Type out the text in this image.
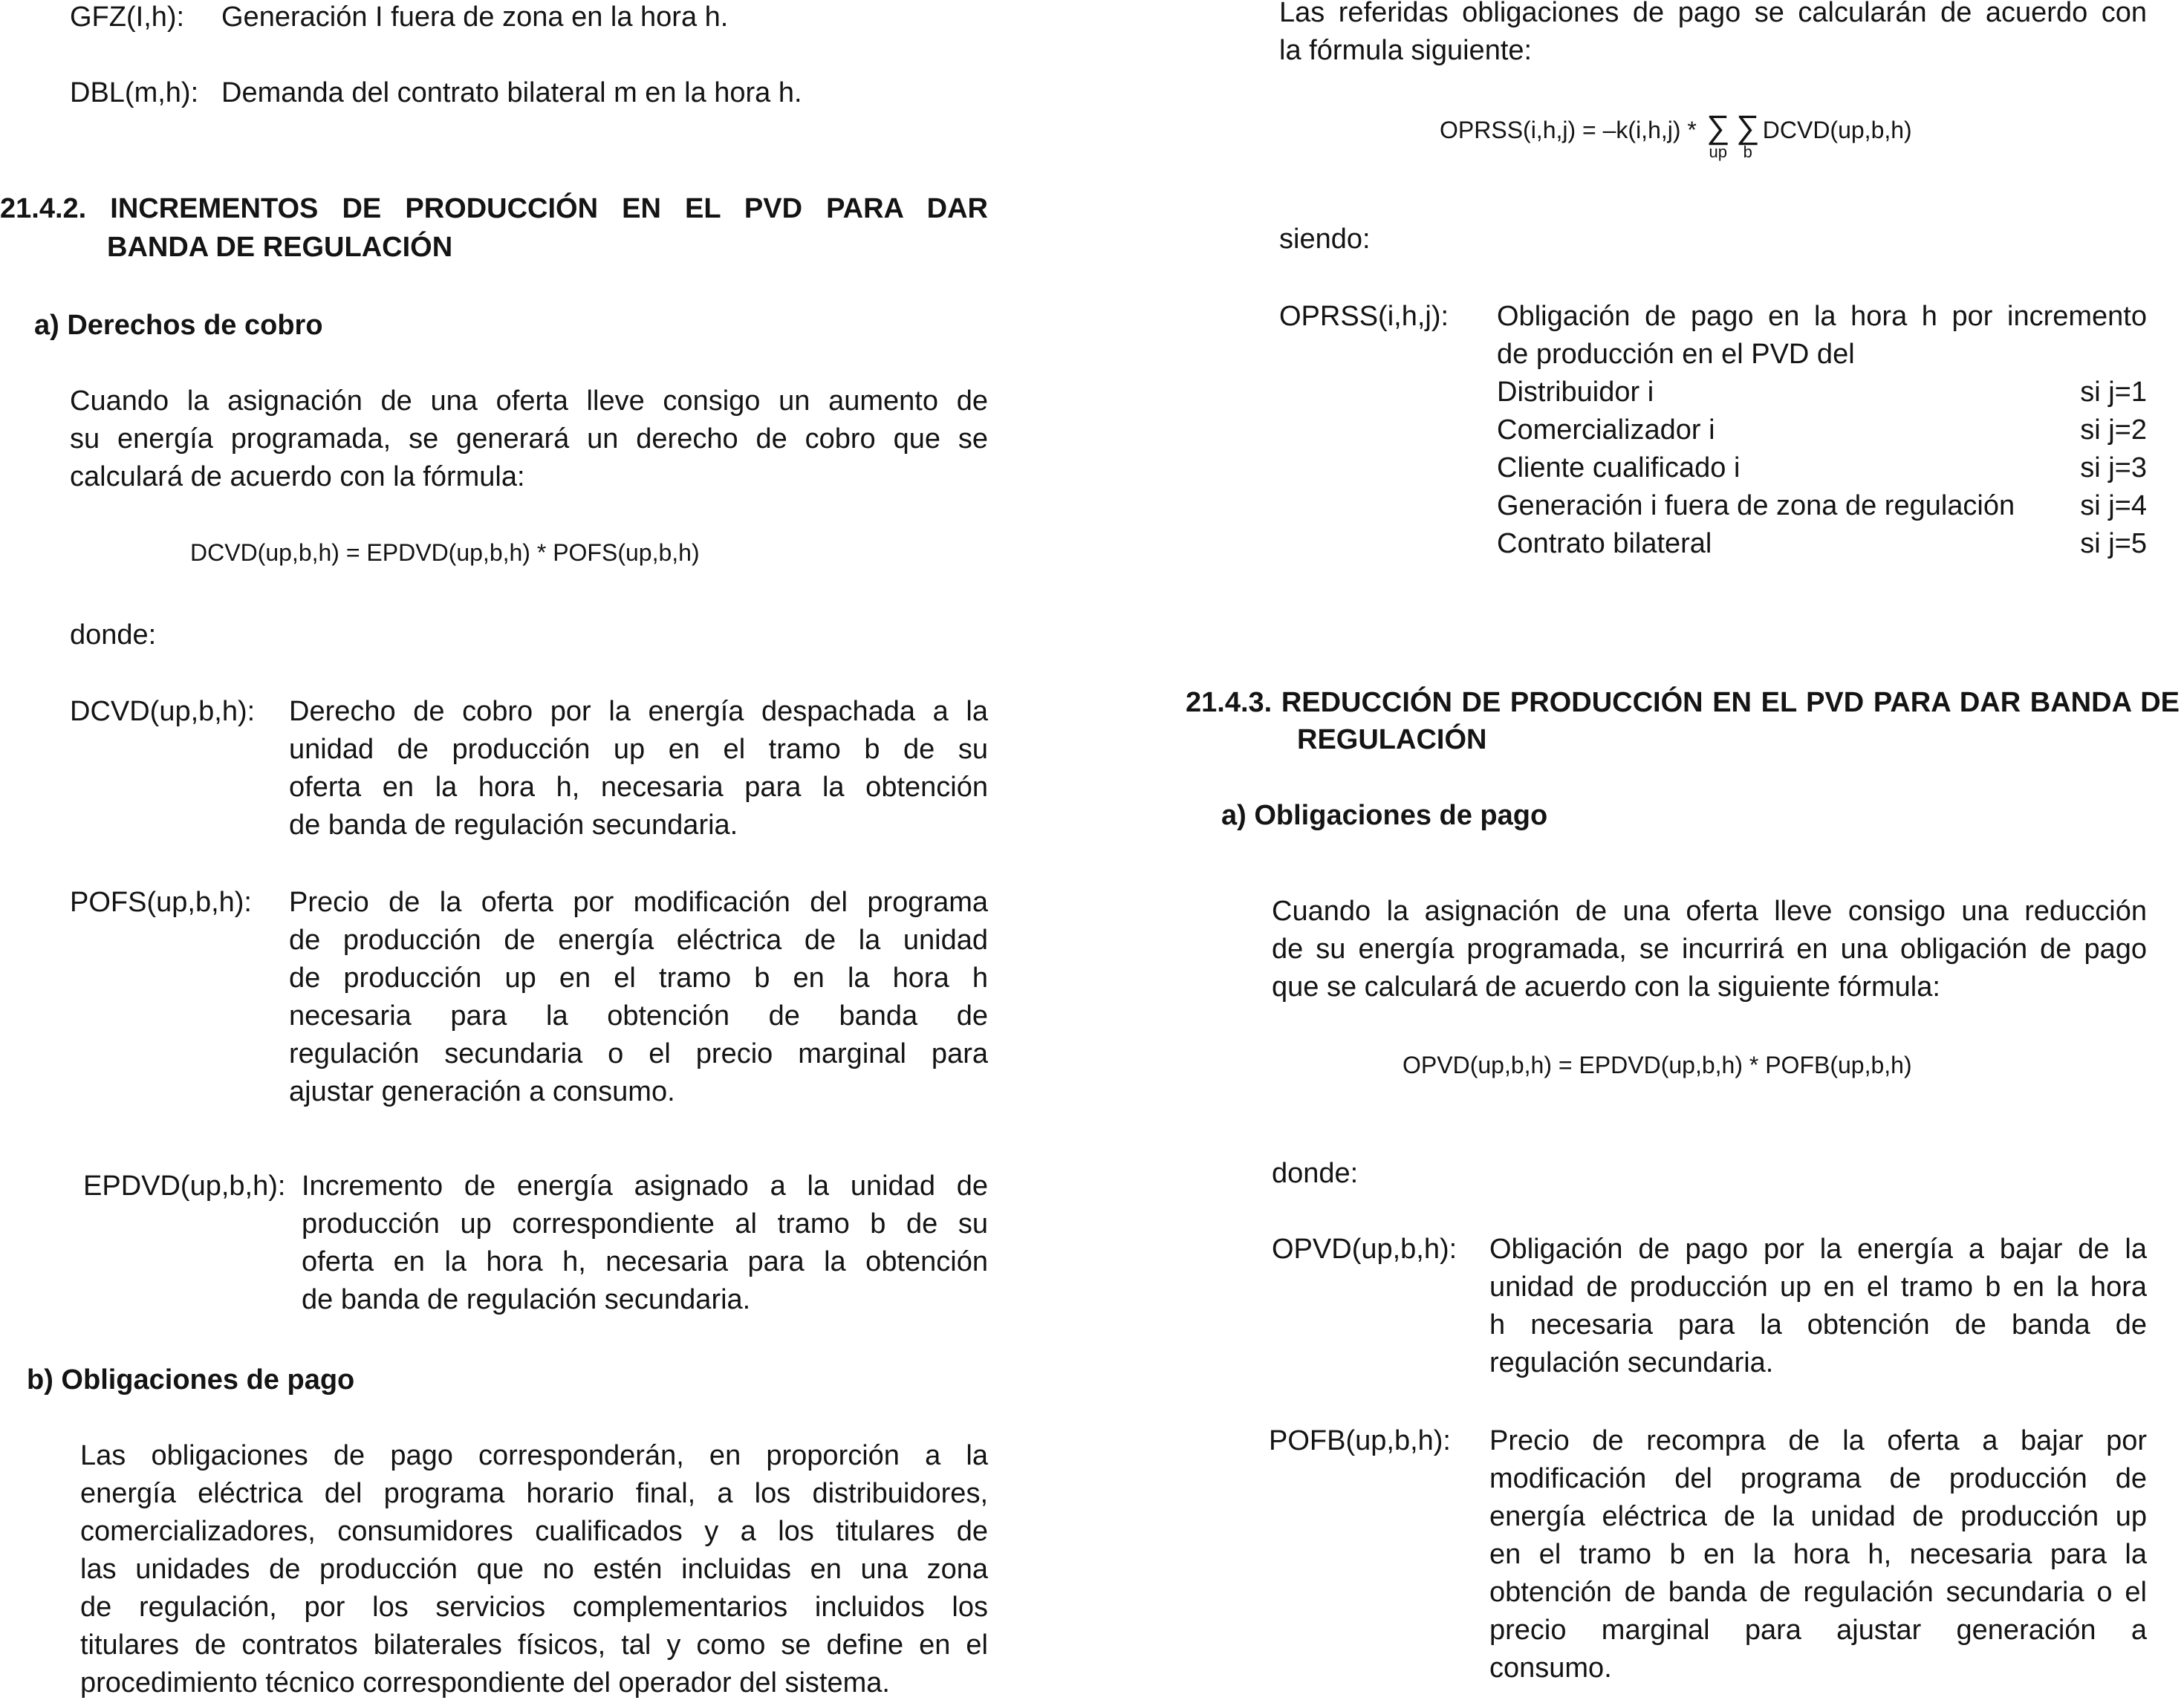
GFZ(I,h): Generación I fuera de zona en la hora h.
DBL(m,h): Demanda del contrato bilateral m en la hora h.
21.4.2. INCREMENTOS DE PRODUCCIÓN EN EL PVD PARA DAR
BANDA DE REGULACIÓN
a) Derechos de cobro
Cuando la asignación de una oferta lleve consigo un aumento de
su energía programada, se generará un derecho de cobro que se
calculará de acuerdo con la fórmula:
DCVD(up,b,h) = EPDVD(up,b,h) * POFS(up,b,h)
donde:
DCVD(up,b,h): Derecho de cobro por la energía despachada a la
unidad de producción up en el tramo b de su
oferta en la hora h, necesaria para la obtención
de banda de regulación secundaria.
POFS(up,b,h): Precio de la oferta por modificación del programa
de producción de energía eléctrica de la unidad
de producción up en el tramo b en la hora h
necesaria para la obtención de banda de
regulación secundaria o el precio marginal para
ajustar generación a consumo.
EPDVD(up,b,h): Incremento de energía asignado a la unidad de
producción up correspondiente al tramo b de su
oferta en la hora h, necesaria para la obtención
de banda de regulación secundaria.
b) Obligaciones de pago
Las obligaciones de pago corresponderán, en proporción a la
energía eléctrica del programa horario final, a los distribuidores,
comercializadores, consumidores cualificados y a los titulares de
las unidades de producción que no estén incluidas en una zona
de regulación, por los servicios complementarios incluidos los
titulares de contratos bilaterales físicos, tal y como se define en el
procedimiento técnico correspondiente del operador del sistema.
Las referidas obligaciones de pago se calcularán de acuerdo con
la fórmula siguiente:
OPRSS(i,h,j) = –k(i,h,j) * ∑
up
∑
b
DCVD(up,b,h)
siendo:
OPRSS(i,h,j): Obligación de pago en la hora h por incremento
de producción en el PVD del
Distribuidor i	si j=1
Comercializador i	si j=2
Cliente cualificado i	si j=3
Generación i fuera de zona de regulación si j=4
Contrato bilateral	si j=5
21.4.3. REDUCCIÓN DE PRODUCCIÓN EN EL PVD PARA DAR BANDA DE
REGULACIÓN
a) Obligaciones de pago
Cuando la asignación de una oferta lleve consigo una reducción
de su energía programada, se incurrirá en una obligación de pago
que se calculará de acuerdo con la siguiente fórmula:
OPVD(up,b,h) = EPDVD(up,b,h) * POFB(up,b,h)
donde:
OPVD(up,b,h): Obligación de pago por la energía a bajar de la
unidad de producción up en el tramo b en la hora
h necesaria para la obtención de banda de
regulación secundaria.
POFB(up,b,h): Precio de recompra de la oferta a bajar por
modificación del programa de producción de
energía eléctrica de la unidad de producción up
en el tramo b en la hora h, necesaria para la
obtención de banda de regulación secundaria o el
precio marginal para ajustar generación a
consumo.
